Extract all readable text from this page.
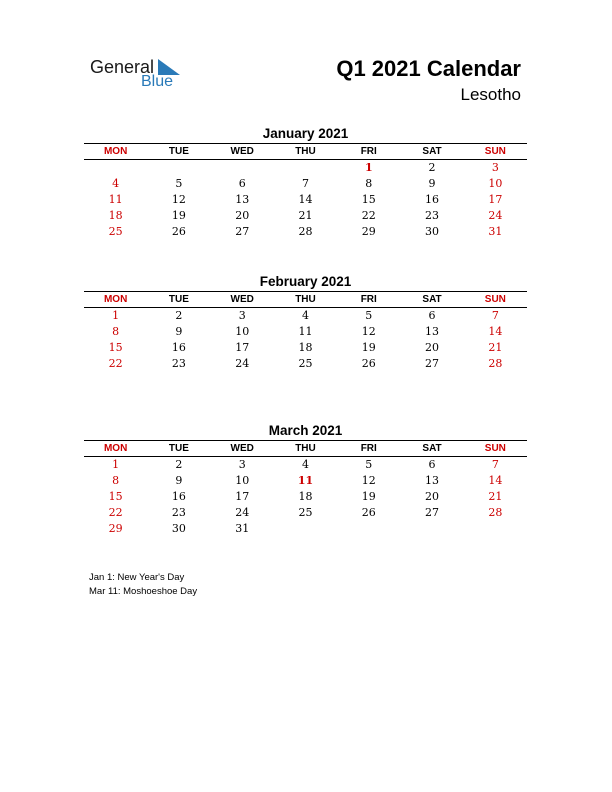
General
Blue
Q1 2021 Calendar
Lesotho
January 2021
MON	TUE	WED	THU	FRI	SAT	SUN
				1	2	3
4	5	6	7	8	9	10
11	12	13	14	15	16	17
18	19	20	21	22	23	24
25	26	27	28	29	30	31
February 2021
MON	TUE	WED	THU	FRI	SAT	SUN
1	2	3	4	5	6	7
8	9	10	11	12	13	14
15	16	17	18	19	20	21
22	23	24	25	26	27	28
March 2021
MON	TUE	WED	THU	FRI	SAT	SUN
1	2	3	4	5	6	7
8	9	10	11	12	13	14
15	16	17	18	19	20	21
22	23	24	25	26	27	28
29	30	31				
Jan 1: New Year's Day
Mar 11: Moshoeshoe Day
